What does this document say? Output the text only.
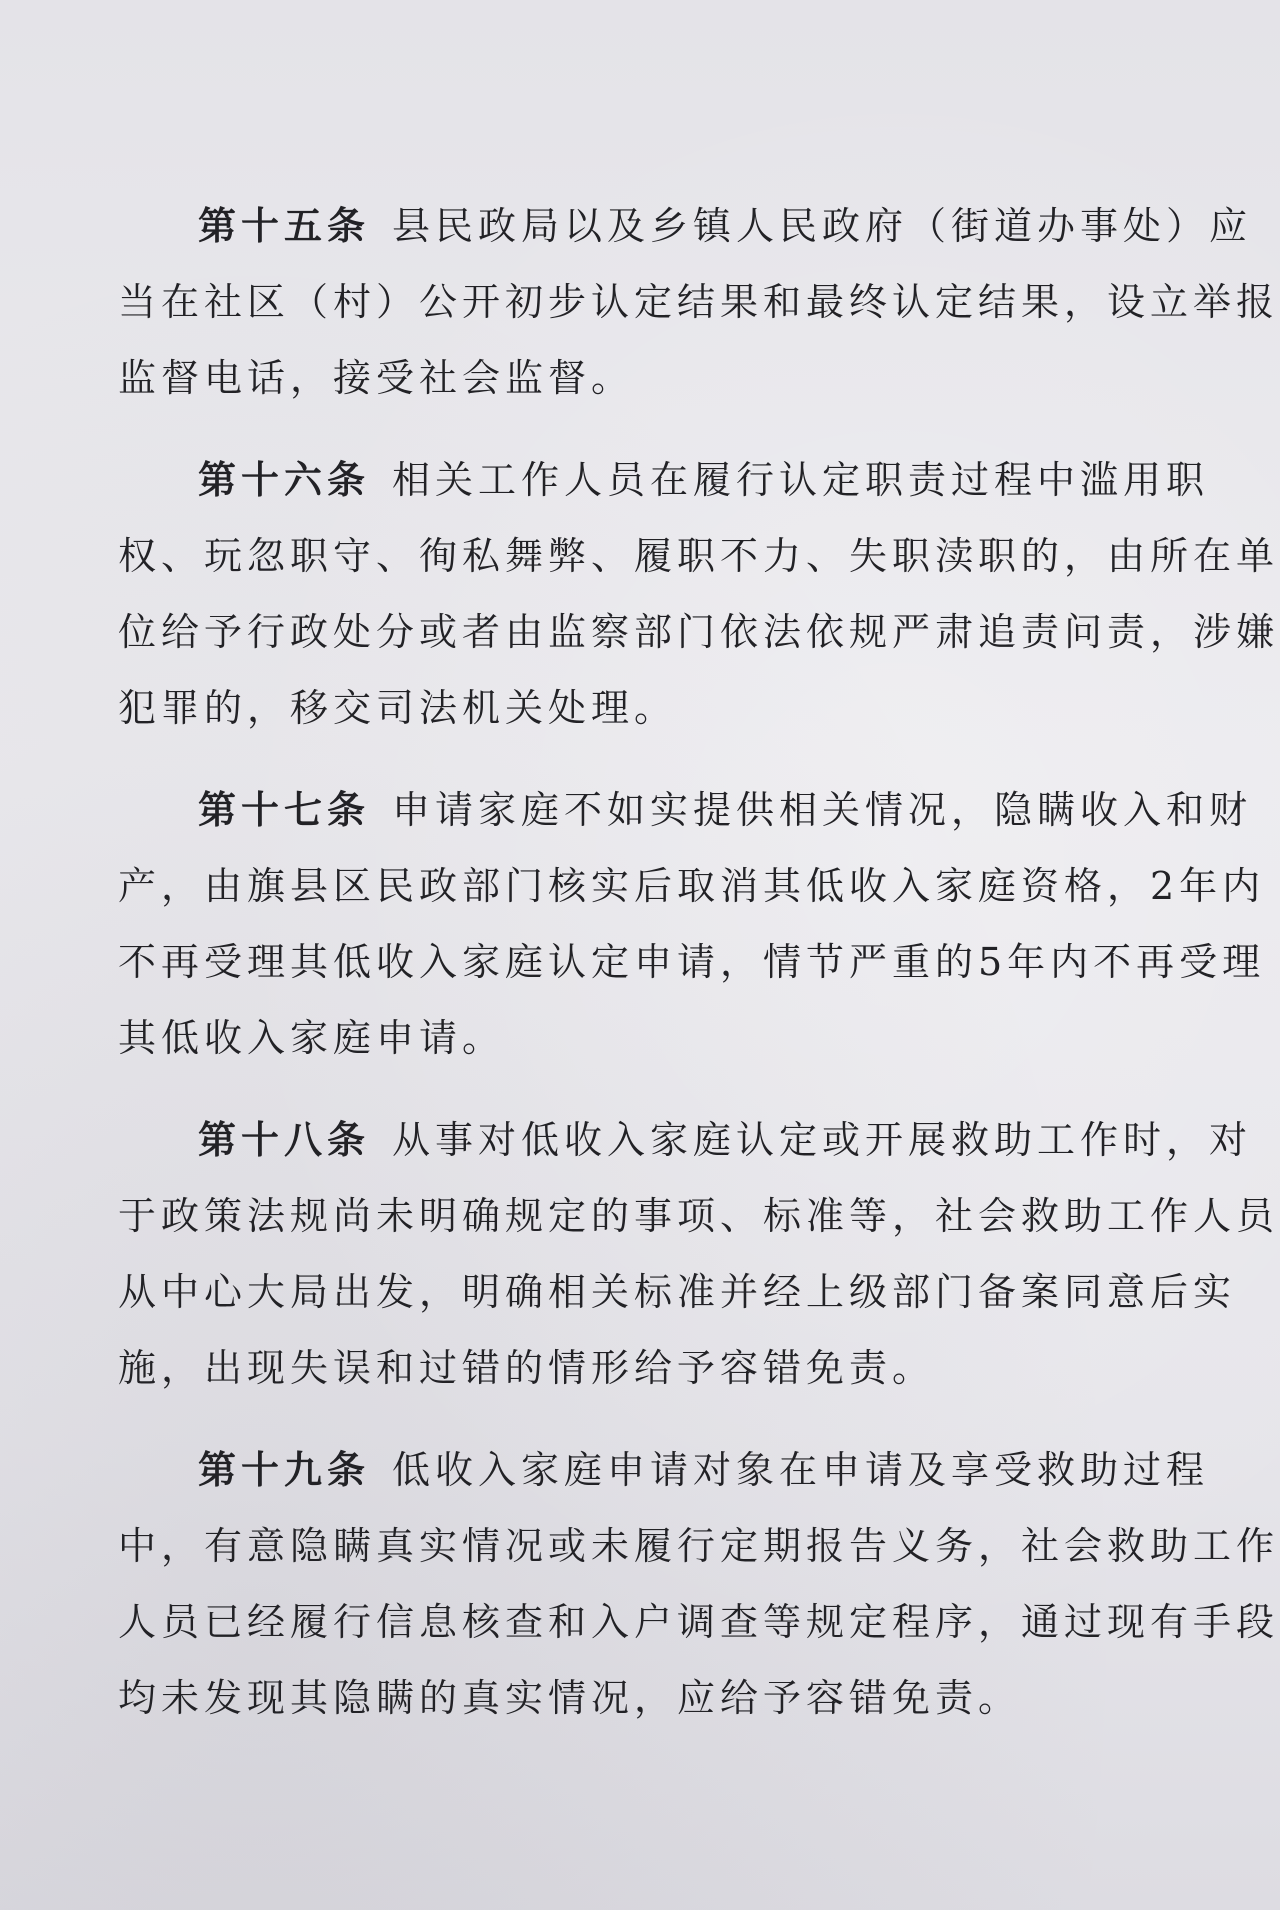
第十五条 县民政局以及乡镇人民政府（街道办事处）应
当在社区（村）公开初步认定结果和最终认定结果，设立举报
监督电话，接受社会监督。
第十六条 相关工作人员在履行认定职责过程中滥用职
权、玩忽职守、徇私舞弊、履职不力、失职渎职的，由所在单
位给予行政处分或者由监察部门依法依规严肃追责问责，涉嫌
犯罪的，移交司法机关处理。
第十七条 申请家庭不如实提供相关情况，隐瞒收入和财
产，由旗县区民政部门核实后取消其低收入家庭资格，2年内
不再受理其低收入家庭认定申请，情节严重的5年内不再受理
其低收入家庭申请。
第十八条 从事对低收入家庭认定或开展救助工作时，对
于政策法规尚未明确规定的事项、标准等，社会救助工作人员
从中心大局出发，明确相关标准并经上级部门备案同意后实
施，出现失误和过错的情形给予容错免责。
第十九条 低收入家庭申请对象在申请及享受救助过程
中，有意隐瞒真实情况或未履行定期报告义务，社会救助工作
人员已经履行信息核查和入户调查等规定程序，通过现有手段
均未发现其隐瞒的真实情况，应给予容错免责。
